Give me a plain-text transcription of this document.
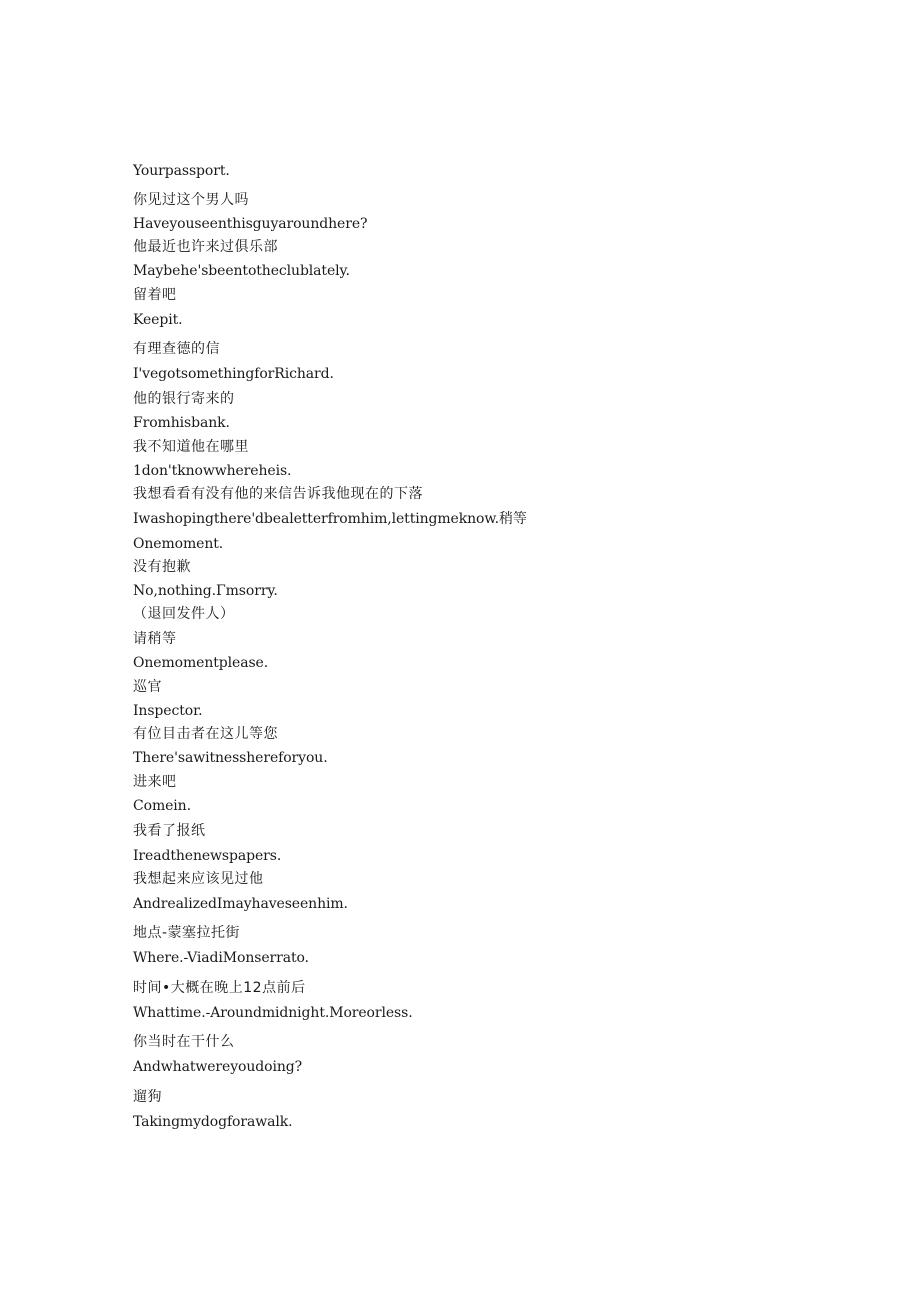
Yourpassport.
你见过这个男人吗
Haveyouseenthisguyaroundhere?
他最近也许来过俱乐部
Maybehe'sbeentotheclublately.
留着吧
Keepit.
有理查德的信
I'vegotsomethingforRichard.
他的银行寄来的
Fromhisbank.
我不知道他在哪里
1don'tknowwhereheis.
我想看看有没有他的来信告诉我他现在的下落
Iwashopingthere'dbealetterfromhim,lettingmeknow.稍等
Onemoment.
没有抱歉
No,nothing.Γmsorry.
（退回发件人）
请稍等
Onemomentplease.
巡官
Inspector.
有位目击者在这儿等您
There'sawitnesshereforyou.
进来吧
Comein.
我看了报纸
Ireadthenewspapers.
我想起来应该见过他
AndrealizedImayhaveseenhim.
地点-蒙塞拉托街
Where.-ViadiMonserrato.
时间•大概在晚上12点前后
Whattime.-Aroundmidnight.Moreorless.
你当时在干什么
Andwhatwereyoudoing?
遛狗
Takingmydogforawalk.
